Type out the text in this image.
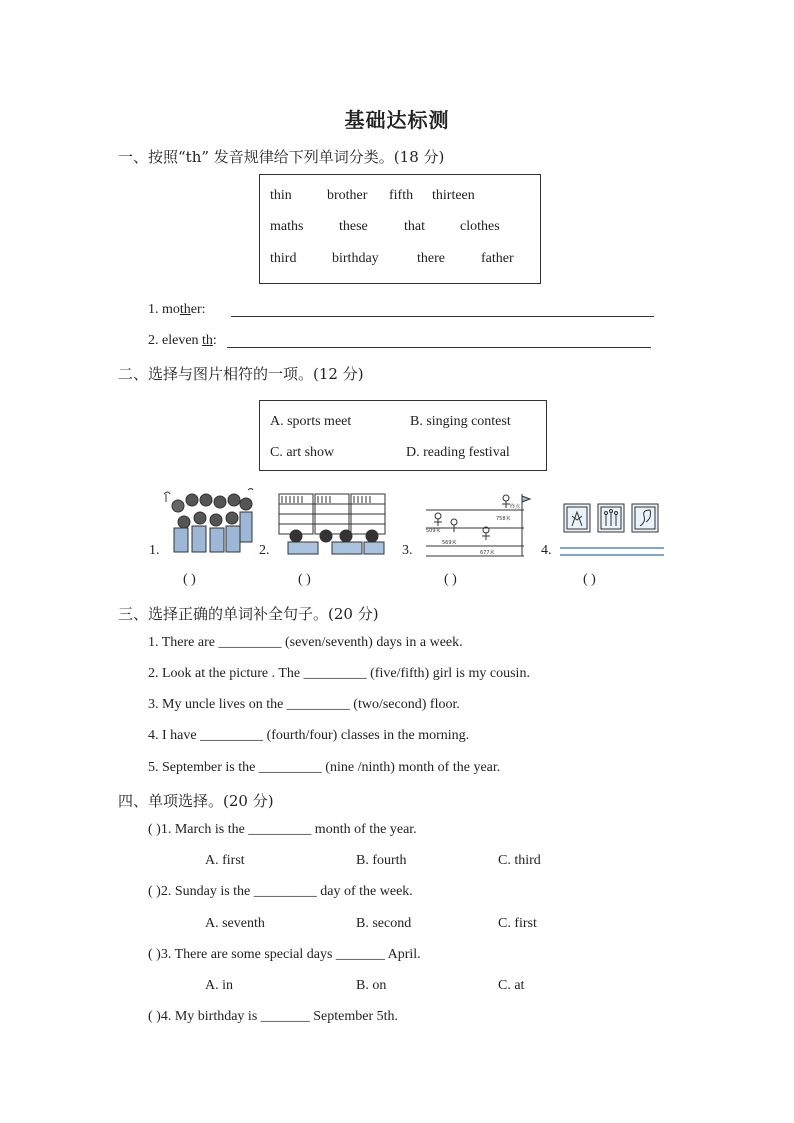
基础达标测
一、按照“th” 发音规律给下列单词分类。(18 分)
thin	brother fifth thirteen
maths	these	that	clothes
third	birthday	there	father
1. mother:
2. eleven th:
二、选择与图片相符的一项。(12 分)
A. sports meet	B. singing contest
C. art show	D. reading festival
1.	2.	3.
758米
509米
569米
677米
终点
4.
( )	( )	( )	( )
三、选择正确的单词补全句子。(20 分)
1. There are _________ (seven/seventh) days in a week.
2. Look at the picture . The _________ (five/fifth) girl is my cousin.
3. My uncle lives on the _________ (two/second) floor.
4. I have _________ (fourth/four) classes in the morning.
5. September is the _________ (nine /ninth) month of the year.
四、单项选择。(20 分)
( )1. March is the _________ month of the year.
A. first	B. fourth	C. third
( )2. Sunday is the _________ day of the week.
A. seventh	B. second	C. first
( )3. There are some special days _______ April.
A. in	B. on	C. at
( )4. My birthday is _______ September 5th.
